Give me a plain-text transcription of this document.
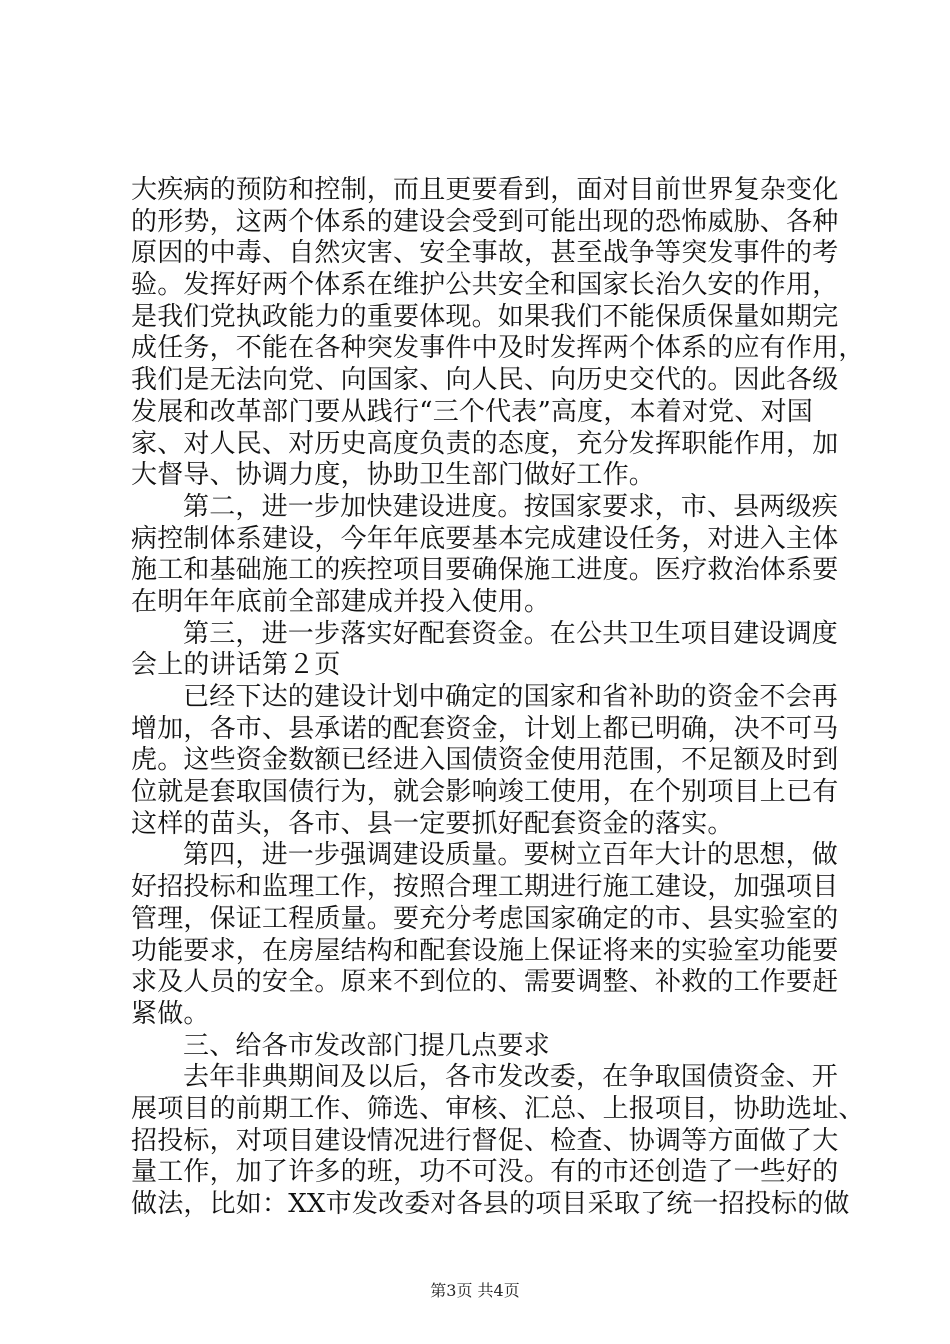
大疾病的预防和控制，而且更要看到，面对目前世界复杂变化
的形势，这两个体系的建设会受到可能出现的恐怖威胁、各种
原因的中毒、自然灾害、安全事故，甚至战争等突发事件的考
验。发挥好两个体系在维护公共安全和国家长治久安的作用，
是我们党执政能力的重要体现。如果我们不能保质保量如期完
成任务，不能在各种突发事件中及时发挥两个体系的应有作用，
我们是无法向党、向国家、向人民、向历史交代的。因此各级
发展和改革部门要从践行“三个代表”高度，本着对党、对国
家、对人民、对历史高度负责的态度，充分发挥职能作用，加
大督导、协调力度，协助卫生部门做好工作。
第二，进一步加快建设进度。按国家要求，市、县两级疾
病控制体系建设，今年年底要基本完成建设任务，对进入主体
施工和基础施工的疾控项目要确保施工进度。医疗救治体系要
在明年年底前全部建成并投入使用。
第三，进一步落实好配套资金。在公共卫生项目建设调度
会上的讲话第２页
已经下达的建设计划中确定的国家和省补助的资金不会再
增加，各市、县承诺的配套资金，计划上都已明确，决不可马
虎。这些资金数额已经进入国债资金使用范围，不足额及时到
位就是套取国债行为，就会影响竣工使用，在个别项目上已有
这样的苗头，各市、县一定要抓好配套资金的落实。
第四，进一步强调建设质量。要树立百年大计的思想，做
好招投标和监理工作，按照合理工期进行施工建设，加强项目
管理，保证工程质量。要充分考虑国家确定的市、县实验室的
功能要求，在房屋结构和配套设施上保证将来的实验室功能要
求及人员的安全。原来不到位的、需要调整、补救的工作要赶
紧做。
三、给各市发改部门提几点要求
去年非典期间及以后，各市发改委，在争取国债资金、开
展项目的前期工作、筛选、审核、汇总、上报项目，协助选址、
招投标，对项目建设情况进行督促、检查、协调等方面做了大
量工作，加了许多的班，功不可没。有的市还创造了一些好的
做法，比如：XX市发改委对各县的项目采取了统一招投标的做
第3页 共4页
